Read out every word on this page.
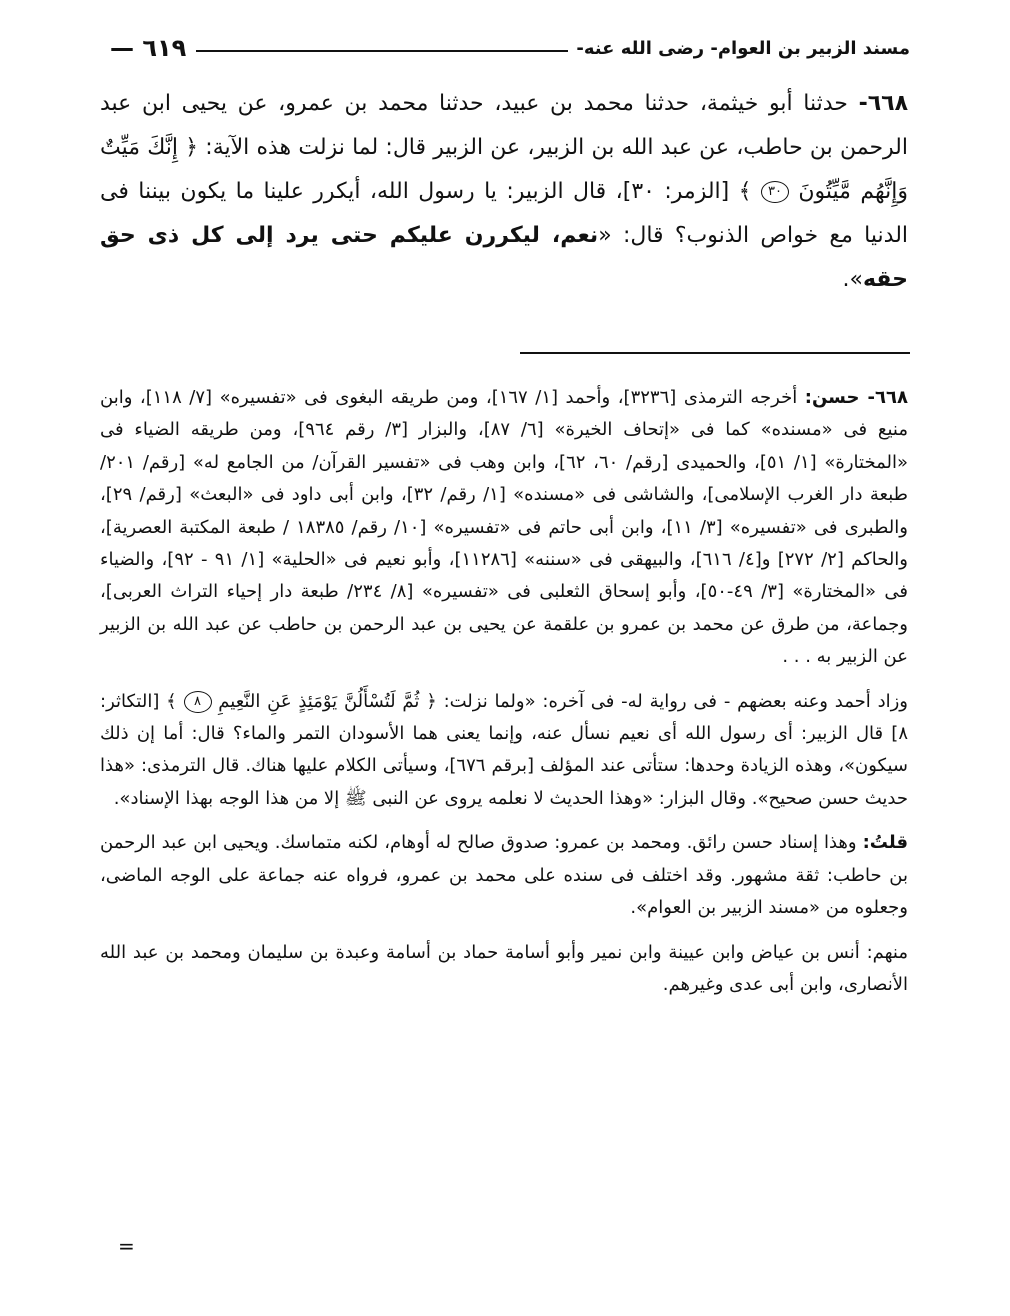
— ٦١٩	مسند الزبير بن العوام- رضى الله عنه-

٦٦٨- حدثنا أبو خيثمة، حدثنا محمد بن عبيد، حدثنا محمد بن عمرو، عن يحيى ابن عبد الرحمن بن حاطب، عن عبد الله بن الزبير، عن الزبير قال: لما نزلت هذه الآية: ﴿ إِنَّكَ مَيِّتٌ وَإِنَّهُم مَّيِّتُونَ ٣٠ ﴾ [الزمر: ٣٠]، قال الزبير: يا رسول الله، أيكرر علينا ما يكون بيننا فى الدنيا مع خواص الذنوب؟ قال: «نعم، ليكررن عليكم حتى يرد إلى كل ذى حق حقه».

٦٦٨- حسن: أخرجه الترمذى [٣٢٣٦]، وأحمد [١/ ١٦٧]، ومن طريقه البغوى فى «تفسيره» [٧/ ١١٨]، وابن منيع فى «مسنده» كما فى «إتحاف الخيرة» [٦/ ٨٧]، والبزار [٣/ رقم ٩٦٤]، ومن طريقه الضياء فى «المختارة» [١/ ٥١]، والحميدى [رقم/ ٦٠، ٦٢]، وابن وهب فى «تفسير القرآن/ من الجامع له» [رقم/ ٢٠١/ طبعة دار الغرب الإسلامى]، والشاشى فى «مسنده» [١/ رقم/ ٣٢]، وابن أبى داود فى «البعث» [رقم/ ٢٩]، والطبرى فى «تفسيره» [٣/ ١١]، وابن أبى حاتم فى «تفسيره» [١٠/ رقم/ ١٨٣٨٥ / طبعة المكتبة العصرية]، والحاكم [٢/ ٢٧٢] و[٤/ ٦١٦]، والبيهقى فى «سننه» [١١٢٨٦]، وأبو نعيم فى «الحلية» [١/ ٩١ - ٩٢]، والضياء فى «المختارة» [٣/ ٤٩-٥٠]، وأبو إسحاق الثعلبى فى «تفسيره» [٨/ ٢٣٤/ طبعة دار إحياء التراث العربى]، وجماعة، من طرق عن محمد بن عمرو بن علقمة عن يحيى بن عبد الرحمن بن حاطب عن عبد الله بن الزبير عن الزبير به . . .

وزاد أحمد وعنه بعضهم - فى رواية له- فى آخره: «ولما نزلت: ﴿ ثُمَّ لَتُسْأَلُنَّ يَوْمَئِذٍ عَنِ النَّعِيمِ ٨ ﴾ [التكاثر: ٨] قال الزبير: أى رسول الله أى نعيم نسأل عنه، وإنما يعنى هما الأسودان التمر والماء؟ قال: أما إن ذلك سيكون»، وهذه الزيادة وحدها: ستأتى عند المؤلف [برقم ٦٧٦]، وسيأتى الكلام عليها هناك. قال الترمذى: «هذا حديث حسن صحيح». وقال البزار: «وهذا الحديث لا نعلمه يروى عن النبى ﷺ إلا من هذا الوجه بهذا الإسناد».

قلتُ: وهذا إسناد حسن رائق. ومحمد بن عمرو: صدوق صالح له أوهام، لكنه متماسك. ويحيى ابن عبد الرحمن بن حاطب: ثقة مشهور. وقد اختلف فى سنده على محمد بن عمرو، فرواه عنه جماعة على الوجه الماضى، وجعلوه من «مسند الزبير بن العوام».

منهم: أنس بن عياض وابن عيينة وابن نمير وأبو أسامة حماد بن أسامة وعبدة بن سليمان ومحمد بن عبد الله الأنصارى، وابن أبى عدى وغيرهم.

=
